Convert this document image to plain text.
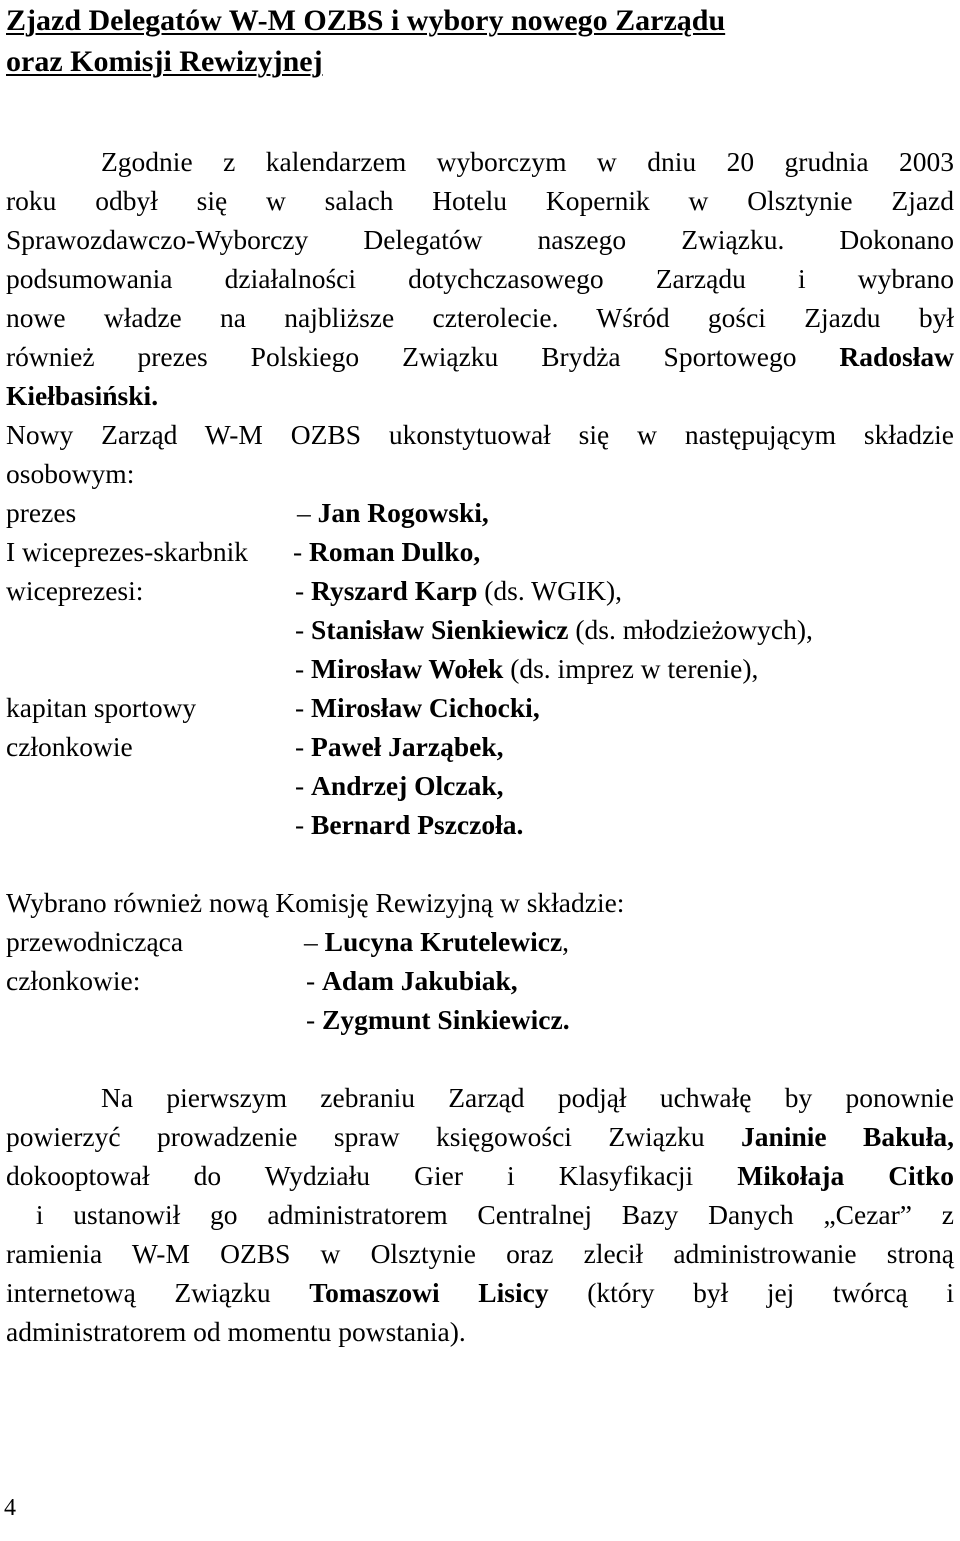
Zjazd Delegatów W-M OZBS i wybory nowego Zarządu
oraz Komisji Rewizyjnej
Zgodnie z kalendarzem wyborczym w dniu 20 grudnia 2003
roku odbył się w salach Hotelu Kopernik w Olsztynie Zjazd
Sprawozdawczo-Wyborczy Delegatów naszego Związku. Dokonano
podsumowania działalności dotychczasowego Zarządu i wybrano
nowe władze na najbliższe czterolecie. Wśród gości Zjazdu był
również prezes Polskiego Związku Brydża Sportowego Radosław
Kiełbasiński.
Nowy Zarząd W-M OZBS ukonstytuował się w następującym składzie
osobowym:
prezes	– Jan Rogowski,
I wiceprezes-skarbnik - Roman Dulko,
wiceprezesi:	- Ryszard Karp (ds. WGIK),
- Stanisław Sienkiewicz (ds. młodzieżowych),
- Mirosław Wołek (ds. imprez w terenie),
kapitan sportowy	- Mirosław Cichocki,
członkowie	- Paweł Jarząbek,
- Andrzej Olczak,
- Bernard Pszczoła.
Wybrano również nową Komisję Rewizyjną w składzie:
przewodnicząca	– Lucyna Krutelewicz,
członkowie:	- Adam Jakubiak,
- Zygmunt Sinkiewicz.
Na pierwszym zebraniu Zarząd podjął uchwałę by ponownie
powierzyć prowadzenie spraw księgowości Związku Janinie Bakuła,
dokooptował do Wydziału Gier i Klasyfikacji Mikołaja Citko
i ustanowił go administratorem Centralnej Bazy Danych „Cezar” z
ramienia W-M OZBS w Olsztynie oraz zlecił administrowanie stroną
internetową Związku Tomaszowi Lisicy (który był jej twórcą i
administratorem od momentu powstania).
4
